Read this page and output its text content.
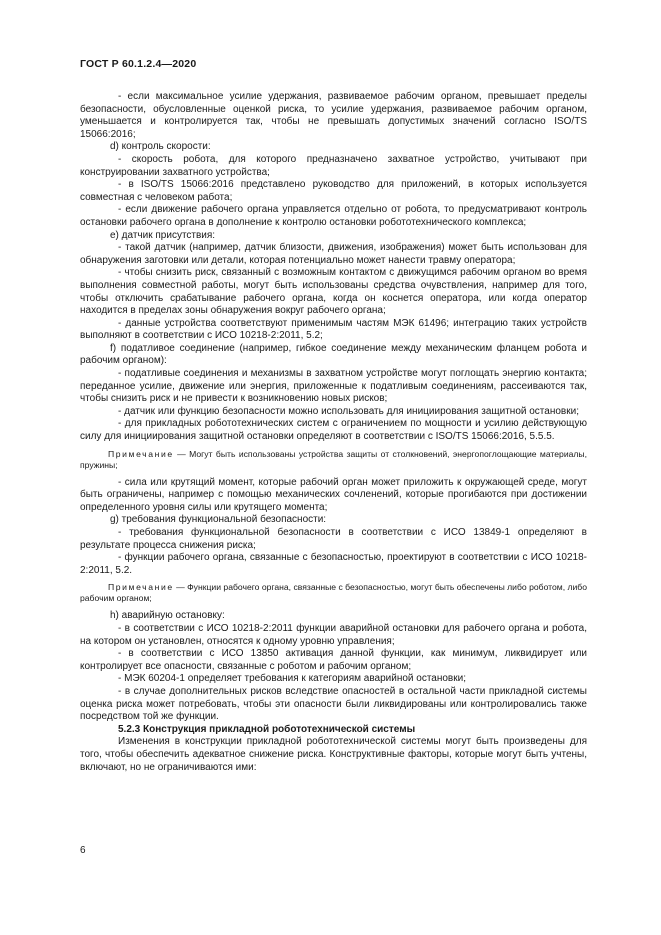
ГОСТ Р 60.1.2.4—2020

- если максимальное усилие удержания, развиваемое рабочим органом, превышает пределы безопасности, обусловленные оценкой риска, то усилие удержания, развиваемое рабочим органом, уменьшается и контролируется так, чтобы не превышать допустимых значений согласно ISO/TS 15066:2016;

d) контроль скорости:

- скорость робота, для которого предназначено захватное устройство, учитывают при конструировании захватного устройства;

- в ISO/TS 15066:2016 представлено руководство для приложений, в которых используется совместная с человеком работа;

- если движение рабочего органа управляется отдельно от робота, то предусматривают контроль остановки рабочего органа в дополнение к контролю остановки робототехнического комплекса;

е) датчик присутствия:

- такой датчик (например, датчик близости, движения, изображения) может быть использован для обнаружения заготовки или детали, которая потенциально может нанести травму оператора;

- чтобы снизить риск, связанный с возможным контактом с движущимся рабочим органом во время выполнения совместной работы, могут быть использованы средства очувствления, например для того, чтобы отключить срабатывание рабочего органа, когда он коснется оператора, или когда оператор находится в пределах зоны обнаружения вокруг рабочего органа;

- данные устройства соответствуют применимым частям МЭК 61496; интеграцию таких устройств выполняют в соответствии с ИСО 10218-2:2011, 5.2;

f) податливое соединение (например, гибкое соединение между механическим фланцем робота и рабочим органом):

- податливые соединения и механизмы в захватном устройстве могут поглощать энергию контакта; переданное усилие, движение или энергия, приложенные к податливым соединениям, рассеиваются так, чтобы снизить риск и не привести к возникновению новых рисков;

- датчик или функцию безопасности можно использовать для инициирования защитной остановки;

- для прикладных робототехнических систем с ограничением по мощности и усилию действующую силу для инициирования защитной остановки определяют в соответствии с ISO/TS 15066:2016, 5.5.5.

Примечание — Могут быть использованы устройства защиты от столкновений, энергопоглощающие материалы, пружины;

- сила или крутящий момент, которые рабочий орган может приложить к окружающей среде, могут быть ограничены, например с помощью механических сочленений, которые прогибаются при достижении определенного уровня силы или крутящего момента;

g) требования функциональной безопасности:

- требования функциональной безопасности в соответствии с ИСО 13849-1 определяют в результате процесса снижения риска;

- функции рабочего органа, связанные с безопасностью, проектируют в соответствии с ИСО 10218-2:2011, 5.2.

Примечание — Функции рабочего органа, связанные с безопасностью, могут быть обеспечены либо роботом, либо рабочим органом;

h) аварийную остановку:

- в соответствии с ИСО 10218-2:2011 функции аварийной остановки для рабочего органа и робота, на котором он установлен, относятся к одному уровню управления;

- в соответствии с ИСО 13850 активация данной функции, как минимум, ликвидирует или контролирует все опасности, связанные с роботом и рабочим органом;

- МЭК 60204-1 определяет требования к категориям аварийной остановки;

- в случае дополнительных рисков вследствие опасностей в остальной части прикладной системы оценка риска может потребовать, чтобы эти опасности были ликвидированы или контролировались также посредством той же функции.

5.2.3 Конструкция прикладной робототехнической системы

Изменения в конструкции прикладной робототехнической системы могут быть произведены для того, чтобы обеспечить адекватное снижение риска. Конструктивные факторы, которые могут быть учтены, включают, но не ограничиваются ими:

6
